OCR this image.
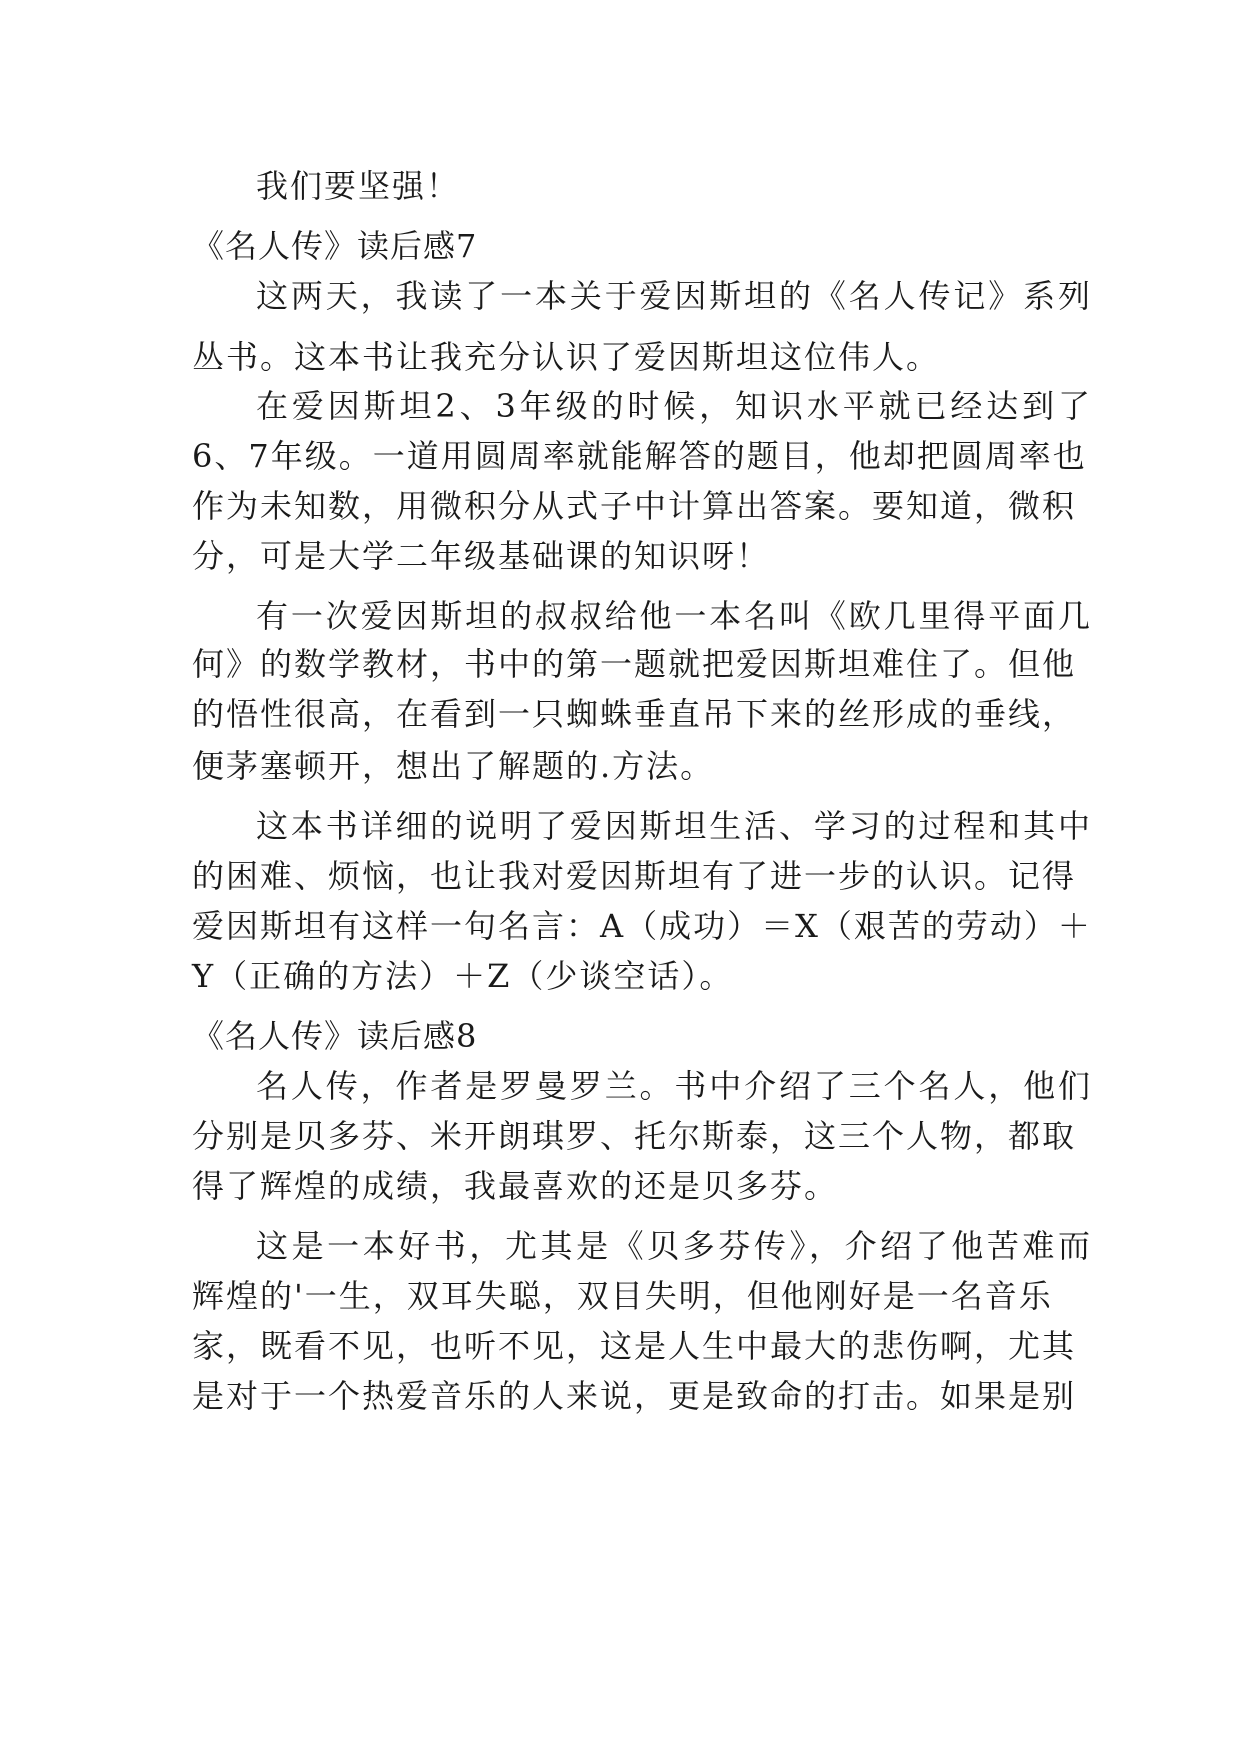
我们要坚强！
《名人传》读后感7
这两天，我读了一本关于爱因斯坦的《名人传记》系列
丛书。这本书让我充分认识了爱因斯坦这位伟人。
在爱因斯坦2、3年级的时候，知识水平就已经达到了
6、7年级。一道用圆周率就能解答的题目，他却把圆周率也
作为未知数，用微积分从式子中计算出答案。要知道，微积
分，可是大学二年级基础课的知识呀！
有一次爱因斯坦的叔叔给他一本名叫《欧几里得平面几
何》的数学教材，书中的第一题就把爱因斯坦难住了。但他
的悟性很高，在看到一只蜘蛛垂直吊下来的丝形成的垂线，
便茅塞顿开，想出了解题的.方法。
这本书详细的说明了爱因斯坦生活、学习的过程和其中
的困难、烦恼，也让我对爱因斯坦有了进一步的认识。记得
爱因斯坦有这样一句名言：A（成功）＝X（艰苦的劳动）＋
Y（正确的方法）＋Z（少谈空话）。
《名人传》读后感8
名人传，作者是罗曼罗兰。书中介绍了三个名人，他们
分别是贝多芬、米开朗琪罗、托尔斯泰，这三个人物，都取
得了辉煌的成绩，我最喜欢的还是贝多芬。
这是一本好书，尤其是《贝多芬传》，介绍了他苦难而
辉煌的'一生，双耳失聪，双目失明，但他刚好是一名音乐
家，既看不见，也听不见，这是人生中最大的悲伤啊，尤其
是对于一个热爱音乐的人来说，更是致命的打击。如果是别
